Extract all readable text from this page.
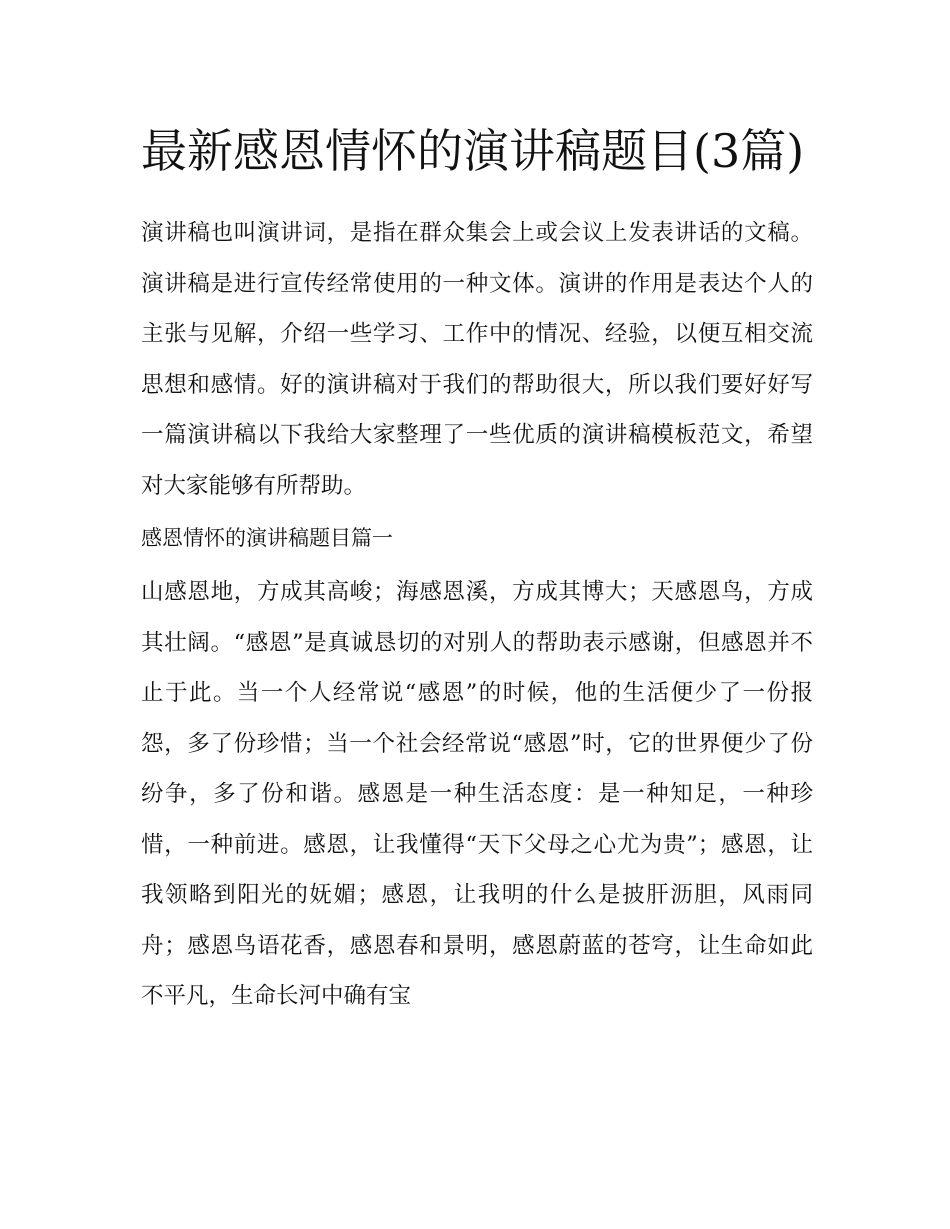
最新感恩情怀的演讲稿题目(3篇)

演讲稿也叫演讲词，是指在群众集会上或会议上发表讲话的文稿。演讲稿是进行宣传经常使用的一种文体。演讲的作用是表达个人的主张与见解，介绍一些学习、工作中的情况、经验，以便互相交流思想和感情。好的演讲稿对于我们的帮助很大，所以我们要好好写一篇演讲稿以下我给大家整理了一些优质的演讲稿模板范文，希望对大家能够有所帮助。

感恩情怀的演讲稿题目篇一

山感恩地，方成其高峻；海感恩溪，方成其博大；天感恩鸟，方成其壮阔。“感恩”是真诚恳切的对别人的帮助表示感谢，但感恩并不止于此。当一个人经常说“感恩”的时候，他的生活便少了一份报怨，多了份珍惜；当一个社会经常说“感恩”时，它的世界便少了份纷争，多了份和谐。感恩是一种生活态度：是一种知足，一种珍惜，一种前进。感恩，让我懂得“天下父母之心尤为贵”；感恩，让我领略到阳光的妩媚；感恩，让我明的什么是披肝沥胆，风雨同舟；感恩鸟语花香，感恩春和景明，感恩蔚蓝的苍穹，让生命如此不平凡，生命长河中确有宝
